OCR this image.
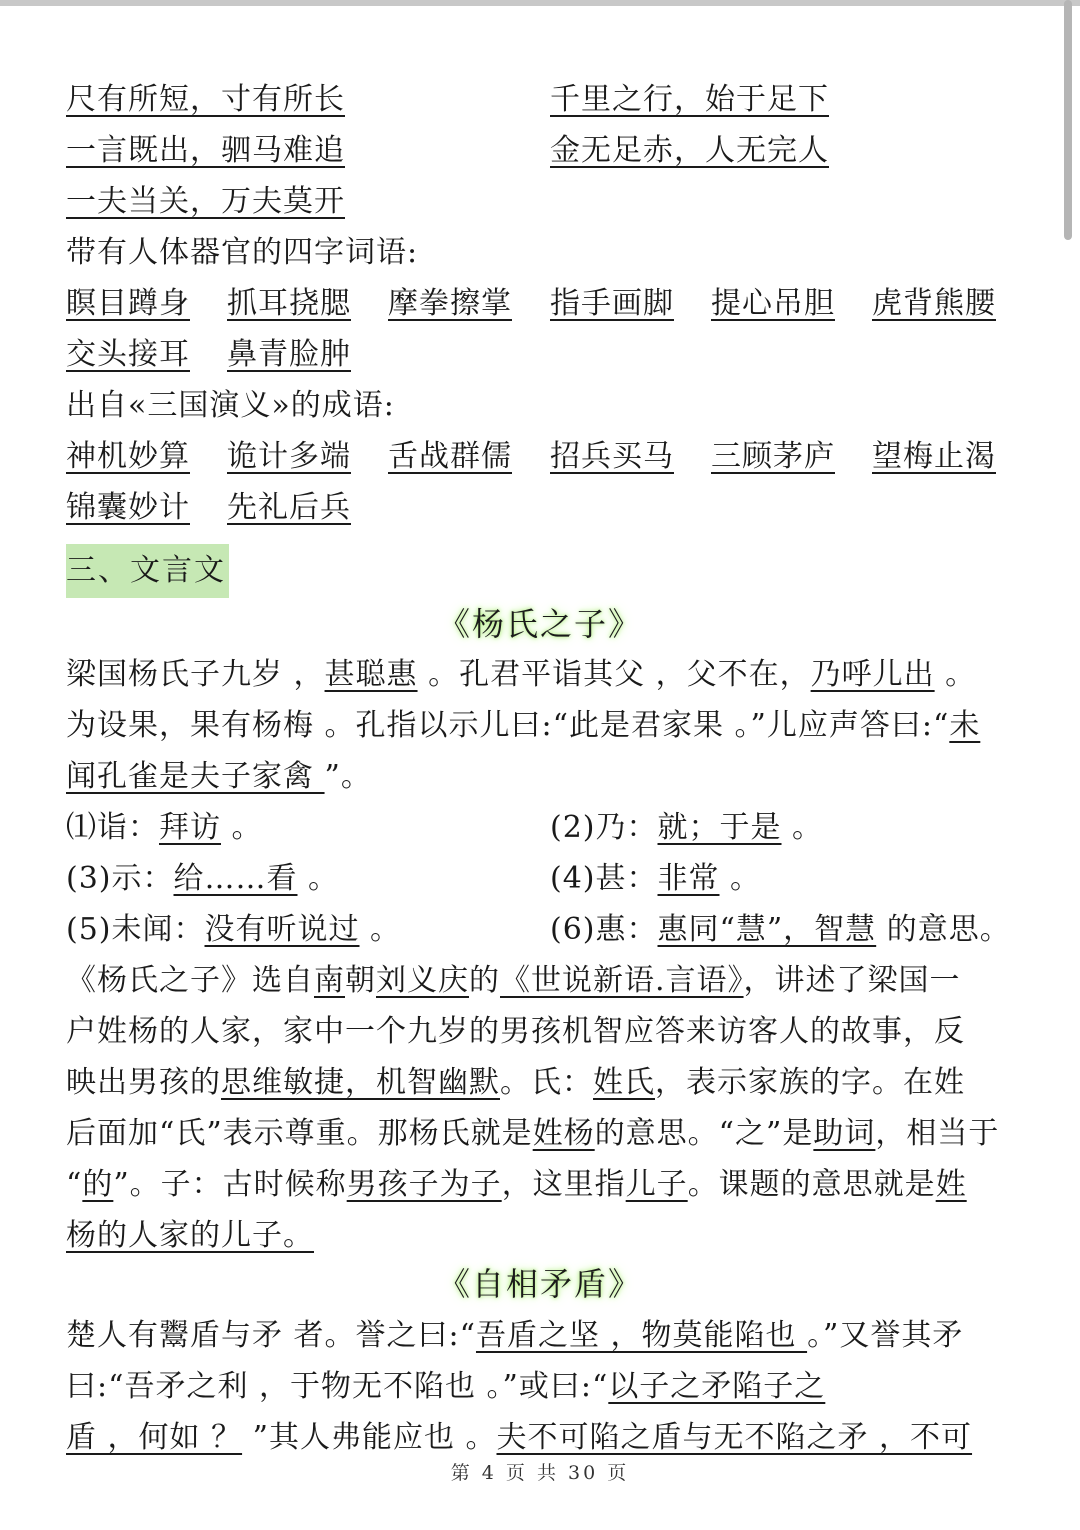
尺有所短，寸有所长	千里之行，始于足下
一言既出，驷马难追	金无足赤，人无完人
一夫当关，万夫莫开
带有人体器官的四字词语:
瞑目蹲身 抓耳挠腮 摩拳擦掌 指手画脚 提心吊胆 虎背熊腰
交头接耳 鼻青脸肿
出自«三国演义»的成语:
神机妙算 诡计多端 舌战群儒 招兵买马 三顾茅庐 望梅止渴
锦囊妙计 先礼后兵
三、文言文
《杨氏之子》
梁国杨氏子九岁 ，甚聪惠 。孔君平诣其父 ，父不在，乃呼儿出 。
为设果，果有杨梅 。孔指以示儿曰:“此是君家果 。”儿应声答曰:“未
闻孔雀是夫子家禽 ”。
⑴诣：拜访 。	(2)乃：就；于是 。
(3)示：给……看 。	(4)甚：非常 。
(5)未闻：没有听说过 。	(6)惠：惠同“慧”，智慧 的意思。
《杨氏之子》选自南朝刘义庆的《世说新语.言语》，讲述了梁国一
户姓杨的人家，家中一个九岁的男孩机智应答来访客人的故事，反
映出男孩的思维敏捷，机智幽默。氏：姓氏，表示家族的字。在姓
后面加“氏”表示尊重。那杨氏就是姓杨的意思。“之”是助词，相当于
“的”。子：古时候称男孩子为子，这里指儿子。课题的意思就是姓
杨的人家的儿子。
《自相矛盾》
楚人有鬻盾与矛 者。誉之曰:“吾盾之坚 ，物莫能陷也 。”又誉其矛
曰:“吾矛之利 ，于物无不陷也 。”或曰:“以子之矛陷子之
盾 ，何如 ？ ”其人弗能应也 。夫不可陷之盾与无不陷之矛 ，不可
第 4 页 共 30 页
